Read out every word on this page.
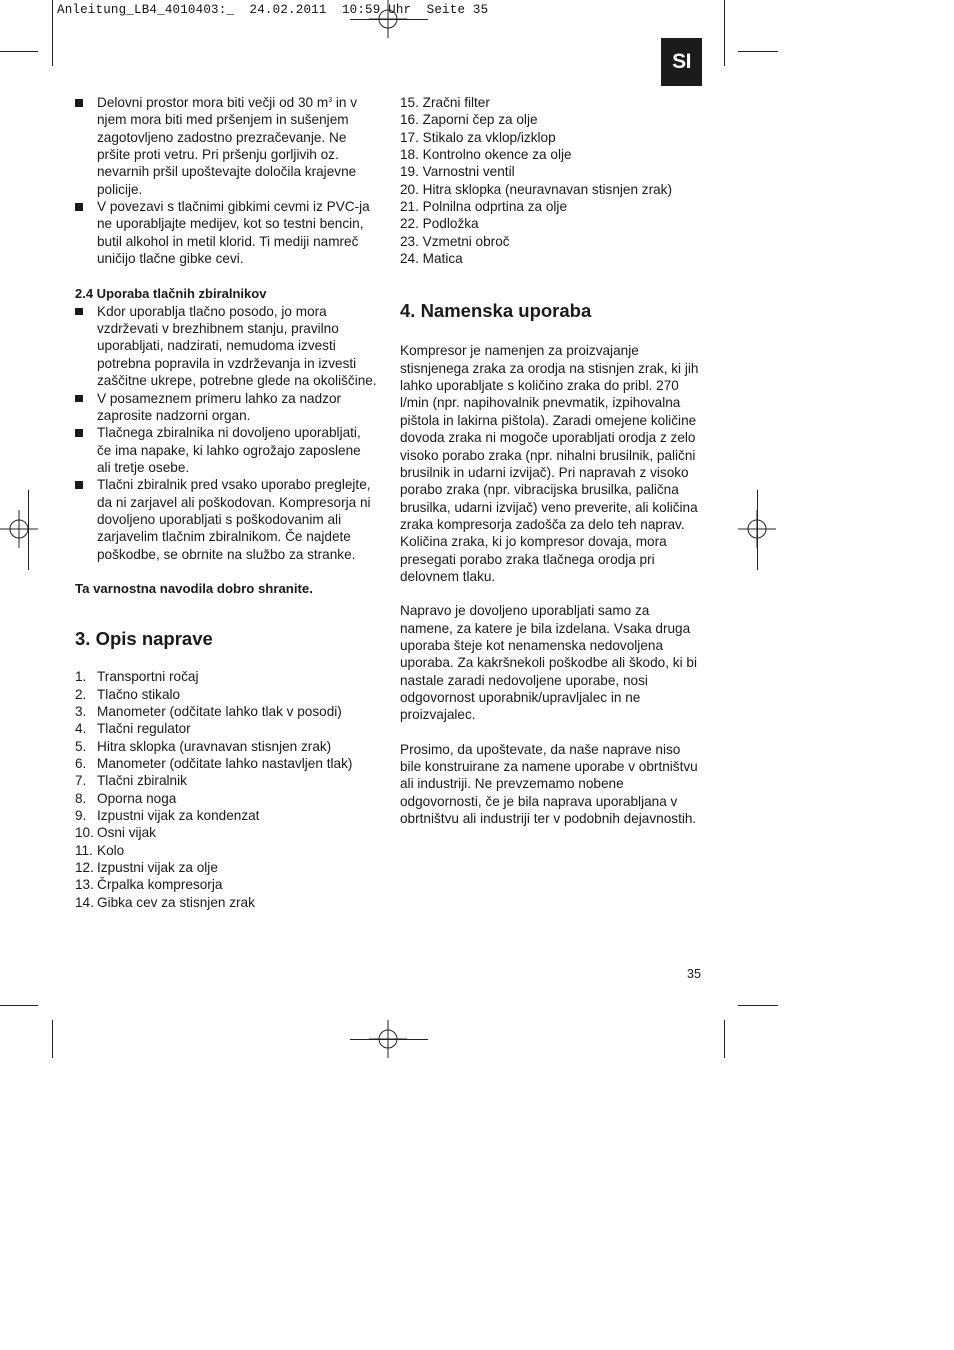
Anleitung_LB4_4010403:_  24.02.2011  10:59 Uhr  Seite 35
SI
Delovni prostor mora biti večji od 30 $m^3$ in v njem mora biti med pršenjem in sušenjem zagotovljeno zadostno prezračevanje. Ne pršite proti vetru. Pri pršenju gorljivih oz. nevarnih pršil upoštevajte določila krajevne policije.
V povezavi s tlačnimi gibkimi cevmi iz PVC-ja ne uporabljajte medijev, kot so testni bencin, butil alkohol in metil klorid. Ti mediji namreč uničijo tlačne gibke cevi.
2.4 Uporaba tlačnih zbiralnikov
Kdor uporablja tlačno posodo, jo mora vzdrževati v brezhibnem stanju, pravilno uporabljati, nadzirati, nemudoma izvesti potrebna popravila in vzdrževanja in izvesti zaščitne ukrepe, potrebne glede na okoliščine.
V posameznem primeru lahko za nadzor zaprosite nadzorni organ.
Tlačnega zbiralnika ni dovoljeno uporabljati, če ima napake, ki lahko ogrožajo zaposlene ali tretje osebe.
Tlačni zbiralnik pred vsako uporabo preglejte, da ni zarjavel ali poškodovan. Kompresorja ni dovoljeno uporabljati s poškodovanim ali zarjavelim tlačnim zbiralnikom. Če najdete poškodbe, se obrnite na službo za stranke.
Ta varnostna navodila dobro shranite.
3. Opis naprave
1. Transportni ročaj
2. Tlačno stikalo
3. Manometer (odčitate lahko tlak v posodi)
4. Tlačni regulator
5. Hitra sklopka (uravnavan stisnjen zrak)
6. Manometer (odčitate lahko nastavljen tlak)
7. Tlačni zbiralnik
8. Oporna noga
9. Izpustni vijak za kondenzat
10. Osni vijak
11. Kolo
12. Izpustni vijak za olje
13. Črpalka kompresorja
14. Gibka cev za stisnjen zrak
15. Zračni filter
16. Zaporni čep za olje
17. Stikalo za vklop/izklop
18. Kontrolno okence za olje
19. Varnostni ventil
20. Hitra sklopka (neuravnavan stisnjen zrak)
21. Polnilna odprtina za olje
22. Podložka
23. Vzmetni obroč
24. Matica
4. Namenska uporaba

Kompresor je namenjen za proizvajanje stisnjenega zraka za orodja na stisnjen zrak, ki jih lahko uporabljate s količino zraka do pribl. 270 l/min (npr. napihovalnik pnevmatik, izpihovalna pištola in lakirna pištola). Zaradi omejene količine dovoda zraka ni mogoče uporabljati orodja z zelo visoko porabo zraka (npr. nihalni brusilnik, palični brusilnik in udarni izvijač). Pri napravah z visoko porabo zraka (npr. vibracijska brusilka, palična brusilka, udarni izvijač) veno preverite, ali količina zraka kompresorja zadošča za delo teh naprav. Količina zraka, ki jo kompresor dovaja, mora presegati porabo zraka tlačnega orodja pri delovnem tlaku.

Napravo je dovoljeno uporabljati samo za namene, za katere je bila izdelana. Vsaka druga uporaba šteje kot nenamenska nedovoljena uporaba. Za kakršnekoli poškodbe ali škodo, ki bi nastale zaradi nedovoljene uporabe, nosi odgovornost uporabnik/upravljalec in ne proizvajalec.

Prosimo, da upoštevate, da naše naprave niso bile konstruirane za namene uporabe v obrtništvu ali industriji. Ne prevzemamo nobene odgovornosti, če je bila naprava uporabljana v obrtništvu ali industriji ter v podobnih dejavnostih.

35
